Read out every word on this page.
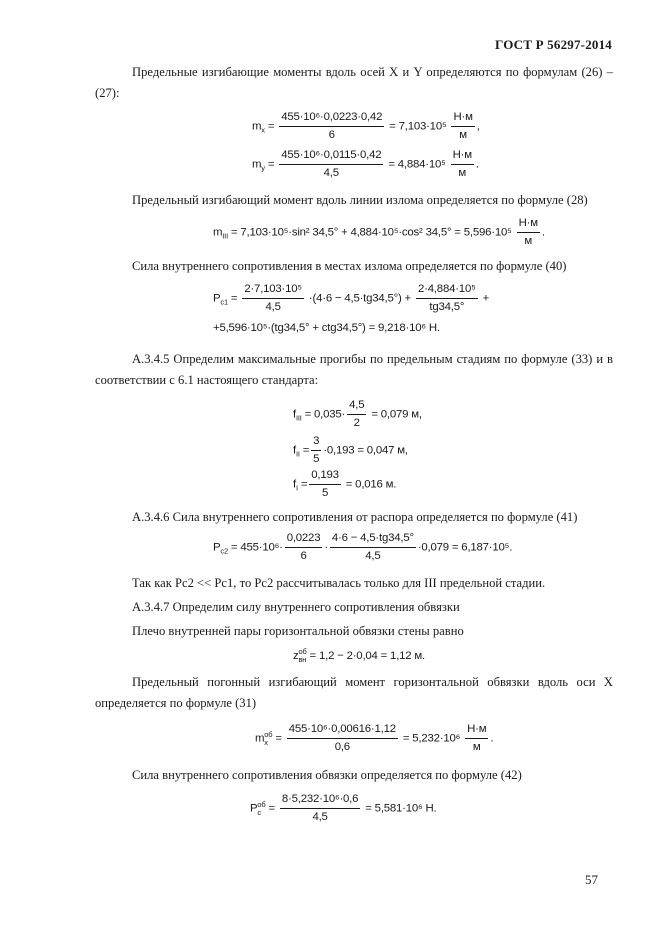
ГОСТ Р 56297-2014
Предельные изгибающие моменты вдоль осей X и Y определяются по формулам (26) – (27):
$m_x = \frac{\text{455·10⁶·0,0223·0,42}}{6} = 7,103\cdot 10^5 \frac{Н\cdot м}{м}$ ,
$m_y = \frac{\text{455·10⁶·0,0115·0,42}}{4,5} = 4,884\cdot 10^5 \frac{Н\cdot м}{м}$ .
Предельный изгибающий момент вдоль линии излома определяется по формуле (28)
$m_{III} = 7,103\cdot 10^5\cdot\sin^2$ 34,5° + 4,884·10⁵·cos² $34,5^\circ = 5,596\cdot 10^5 \frac{Н\cdot м}{м}$ .
Сила внутреннего сопротивления в местах излома определяется по формуле (40)
$P_{c1} = \frac{\text{2·7,103·10⁵}}{4,5} \cdot(4\cdot 6 - 4,5\cdot tg34,5^\circ) + \frac{\text{2·4,884·10⁵}}{tg34,5^\circ}$ +
+5,596·10⁵·(tg34,5° + ctg34,5°) = 9,218·10⁶ Н.
А.3.4.5 Определим максимальные прогибы по предельным стадиям по формуле (33) и в соответствии с 6.1 настоящего стандарта:
$f_{III} = 0,035\cdot \frac{4,5}{2} = 0,079$ м,
$f_{II} = \frac{3}{5} \cdot 0,193 = 0,047$ м,
$f_I = \frac{0,193}{5} = 0,016$ м.
А.3.4.6 Сила внутреннего сопротивления от распора определяется по формуле (41)
$P_{c2} = 455\cdot 10^6\cdot \frac{0,0223}{6} \cdot \frac{4\cdot 6 - 4,5\cdot tg34,5^\circ}{4,5} \cdot 0,079 = 6,187\cdot 10^5$.
Так как Pc2 << Pc1, то Pc2 рассчитывалась только для III предельной стадии.
А.3.4.7 Определим силу внутреннего сопротивления обвязки
Плечо внутренней пары горизонтальной обвязки стены равно
z об
вн = 1,2 − 2·0,04 = 1,12 м.
Предельный погонный изгибающий момент горизонтальной обвязки вдоль оси X определяется по формуле (31)
m об
$x = \frac{\text{455·10⁶·0,00616·1,12}}{0,6} = 5,232\cdot 10^6 \frac{Н\cdot м}{м}$ .
Сила внутреннего сопротивления обвязки определяется по формуле (42)
P об
$c = \frac{\text{8·5,232·10⁶·0,6}}{4,5} = 5,581\cdot 10^6$ Н.
57
